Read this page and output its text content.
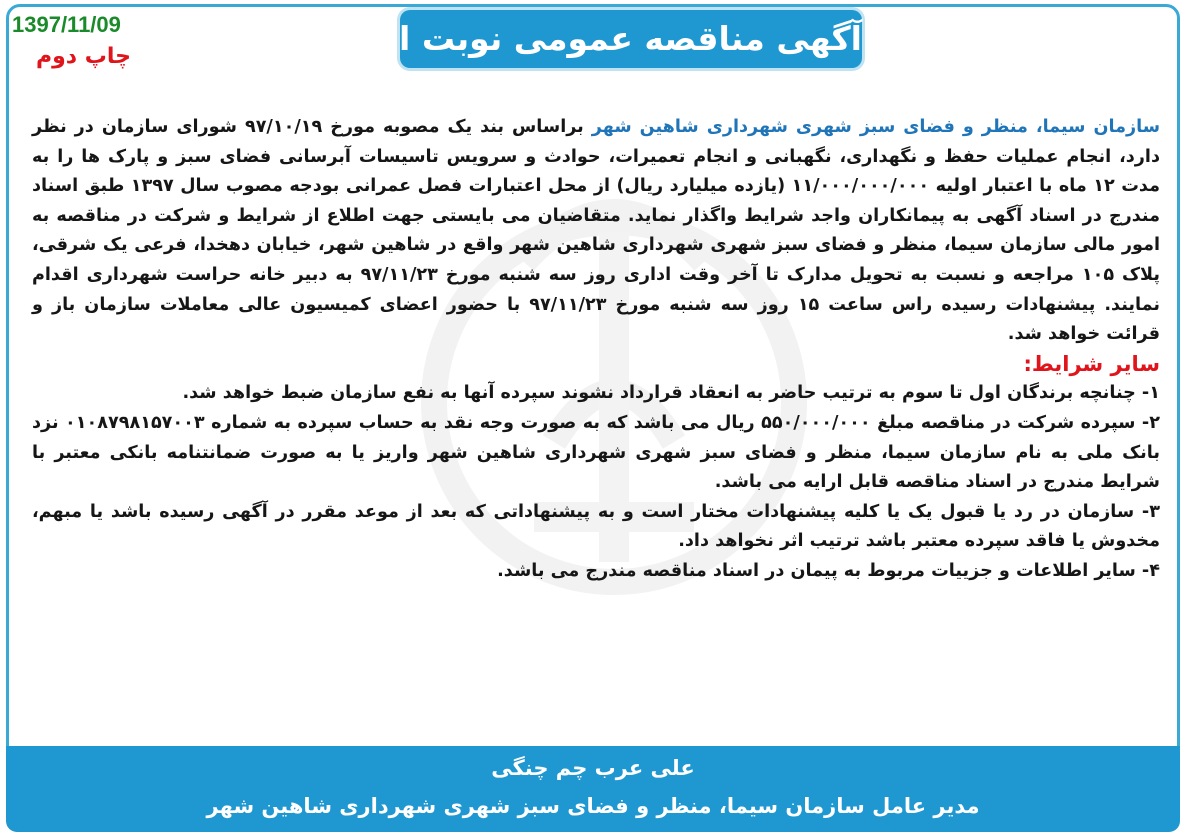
آگهی مناقصه عمومی نوبت اول
1397/11/09
چاپ دوم

سازمان سیما، منظر و فضای سبز شهری شهرداری شاهین شهر براساس بند یک مصوبه مورخ ۹۷/۱۰/۱۹ شورای سازمان در نظر دارد، انجام عملیات حفظ و نگهداری، نگهبانی و انجام تعمیرات، حوادث و سرویس تاسیسات آبرسانی فضای سبز و پارک ها را به مدت ۱۲ ماه با اعتبار اولیه ۱۱/۰۰۰/۰۰۰/۰۰۰ (یازده میلیارد ریال) از محل اعتبارات فصل عمرانی بودجه مصوب سال ۱۳۹۷ طبق اسناد مندرج در اسناد آگهی به پیمانکاران واجد شرایط واگذار نماید. متقاضیان می بایستی جهت اطلاع از شرایط و شرکت در مناقصه به امور مالی سازمان سیما، منظر و فضای سبز شهری شهرداری شاهین شهر واقع در شاهین شهر، خیابان دهخدا، فرعی یک شرقی، پلاک ۱۰۵ مراجعه و نسبت به تحویل مدارک تا آخر وقت اداری روز سه شنبه مورخ ۹۷/۱۱/۲۳ به دبیر خانه حراست شهرداری اقدام نمایند. پیشنهادات رسیده راس ساعت ۱۵ روز سه شنبه مورخ ۹۷/۱۱/۲۳ با حضور اعضای کمیسیون عالی معاملات سازمان باز و قرائت خواهد شد.

سایر شرایط:

۱- چنانچه برندگان اول تا سوم به ترتیب حاضر به انعقاد قرارداد نشوند سپرده آنها به نفع سازمان ضبط خواهد شد.

۲- سپرده شرکت در مناقصه مبلغ ۵۵۰/۰۰۰/۰۰۰ ریال می باشد که به صورت وجه نقد به حساب سپرده به شماره ۰۱۰۸۷۹۸۱۵۷۰۰۳ نزد بانک ملی به نام سازمان سیما، منظر و فضای سبز شهری شهرداری شاهین شهر واریز یا به صورت ضمانتنامه بانکی معتبر با شرایط مندرج در اسناد مناقصه قابل ارایه می باشد.

۳- سازمان در رد یا قبول یک یا کلیه پیشنهادات مختار است و به پیشنهاداتی که بعد از موعد مقرر در آگهی رسیده باشد یا مبهم، مخدوش یا فاقد سپرده معتبر باشد ترتیب اثر نخواهد داد.

۴- سایر اطلاعات و جزییات مربوط به پیمان در اسناد مناقصه مندرج می باشد.

علی عرب چم چنگی
مدیر عامل سازمان سیما، منظر و فضای سبز شهری شهرداری شاهین شهر
